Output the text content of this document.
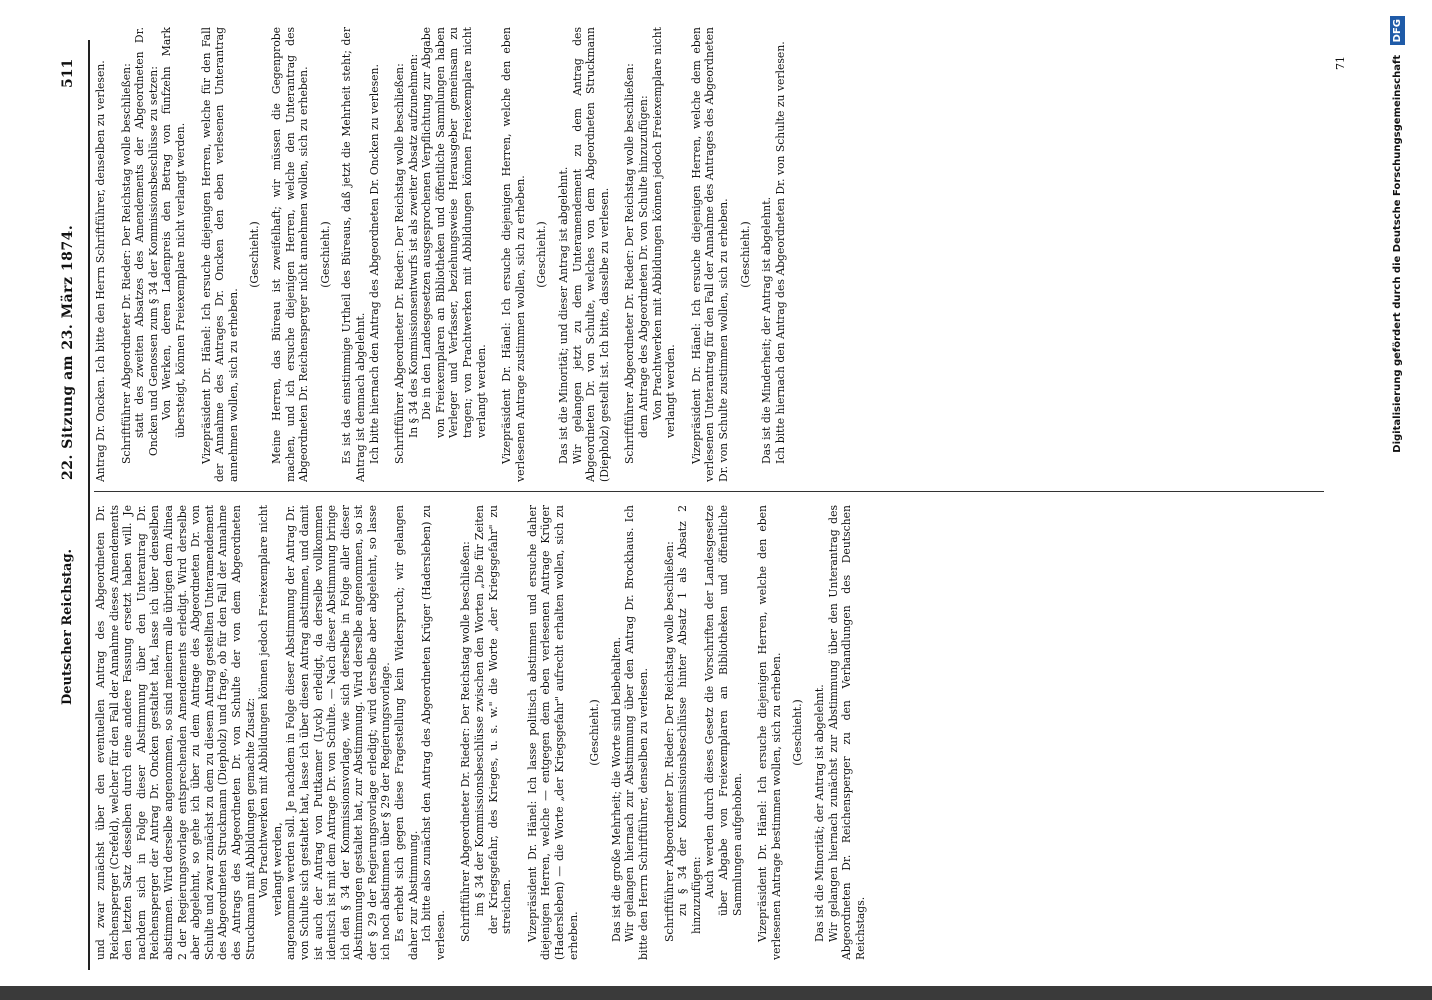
Deutscher Reichstag.
22. Sitzung am 23. März 1874.
511

und zwar zunächst über den eventuellen Antrag des Abgeordneten Dr. Reichensperger (Crefeld), welcher für den Fall der Annahme dieses Amendements den letzten Satz desselben durch eine andere Fassung ersetzt haben will. Je nachdem sich in Folge dieser Abstimmung über den Unterantrag Dr. Reichensperger der Antrag Dr. Oncken gestaltet hat, lasse ich über denselben abstimmen. Wird derselbe angenommen, so sind meinerm alle übrigen dem Alinea 2 der Regierungsvorlage entsprechenden Amendements erledigt. Wird derselbe aber abgelehnt, so gehe ich über zu dem Antrage des Abgeordneten Dr. von Schulte und zwar zunächst zu dem zu diesem Antrag gestellten Unteramendement des Abgeordneten Struckmann (Diepholz) und frage, ob für den Fall der Annahme des Antrags des Abgeordneten Dr. von Schulte der von dem Abgeordneten Struckmann mit Abbildungen gemachte Zusatz: Von Prachtwerken mit Abbildungen können jedoch Freiexemplare nicht verlangt werden, angenommen werden soll. Je nachdem in Folge dieser Abstimmung der Antrag Dr. von Schulte sich gestaltet hat, lasse ich über diesen Antrag abstimmen, und damit ist auch der Antrag von Puttkamer (Lyck) erledigt, da derselbe vollkommen identisch ist mit dem Antrage Dr. von Schulte. — Nach dieser Abstimmung bringe ich den § 34 der Kommissionsvorlage, wie sich derselbe in Folge aller dieser Abstimmungen gestaltet hat, zur Abstimmung. Wird derselbe angenommen, so ist der § 29 der Regierungsvorlage erledigt; wird derselbe aber abgelehnt, so lasse ich noch abstimmen über § 29 der Regierungsvorlage. Es erhebt sich gegen diese Fragestellung kein Widerspruch; wir gelangen daher zur Abstimmung. Ich bitte also zunächst den Antrag des Abgeordneten Krüger (Hadersleben) zu verlesen. Schriftführer Abgeordneter Dr. Rieder: Der Reichstag wolle beschließen: im § 34 der Kommissionsbeschlüsse zwischen den Worten „Die für Zeiten der Kriegsgefahr, des Krieges, u. s. w." die Worte „der Kriegsgefahr" zu streichen. Vizepräsident Dr. Hänel: Ich lasse politisch abstimmen und ersuche daher diejenigen Herren, welche — entgegen dem eben verlesenen Antrage Krüger (Hadersleben) — die Worte „der Kriegsgefahr" aufrecht erhalten wollen, sich zu erheben.

(Geschieht.) Das ist die große Mehrheit; die Worte sind beibehalten. Wir gelangen hiernach zur Abstimmung über den Antrag Dr. Brockhaus. Ich bitte den Herrn Schriftführer, denselben zu verlesen. Schriftführer Abgeordneter Dr. Rieder: Der Reichstag wolle beschließen: zu § 34 der Kommissionsbeschlüsse hinter Absatz 1 als Absatz 2 hinzuzufügen: Auch werden durch dieses Gesetz die Vorschriften der Landesgesetze über Abgabe von Freiexemplaren an Bibliotheken und öffentliche Sammlungen aufgehoben. Vizepräsident Dr. Hänel: Ich ersuche diejenigen Herren, welche den eben verlesenen Antrage bestimmen wollen, sich zu erheben. (Geschieht.) Das ist die Minorität; der Antrag ist abgelehnt. Wir gelangen hiernach zunächst zur Abstimmung über den Unterantrag des Abgeordneten Dr. Reichensperger zu den Verhandlungen des Deutschen Reichstags.

Antrag Dr. Oncken. Ich bitte den Herrn Schriftführer, denselben zu verlesen. Schriftführer Abgeordneter Dr. Rieder: Der Reichstag wolle beschließen: statt des zweiten Absatzes des Amendements der Abgeordneten Dr. Oncken und Genossen zum § 34 der Kommissionsbeschlüsse zu setzen: Von Werken, deren Ladenpreis den Betrag von fünfzehn Mark übersteigt, können Freiexemplare nicht verlangt werden. Vizepräsident Dr. Hänel: Ich ersuche diejenigen Herren, welche für den Fall der Annahme des Antrages Dr. Oncken den eben verlesenen Unterantrag annehmen wollen, sich zu erheben.

(Geschieht.) Meine Herren, das Büreau ist zweifelhaft; wir müssen die Gegenprobe machen, und ich ersuche diejenigen Herren, welche den Unterantrag des Abgeordneten Dr. Reichensperger nicht annehmen wollen, sich zu erheben. (Geschieht.) Es ist das einstimmige Urtheil des Büreaus, daß jetzt die Mehrheit steht; der Antrag ist demnach abgelehnt. Ich bitte hiernach den Antrag des Abgeordneten Dr. Oncken zu verlesen. Schriftführer Abgeordneter Dr. Rieder: Der Reichstag wolle beschließen: In § 34 des Kommissionsentwurfs ist als zweiter Absatz aufzunehmen: Die in den Landesgesetzen ausgesprochenen Verpflichtung zur Abgabe von Freiexemplaren an Bibliotheken und öffentliche Sammlungen haben Verleger und Verfasser, beziehungsweise Herausgeber gemeinsam zu tragen; von Prachtwerken mit Abbildungen können Freiexemplare nicht verlangt werden. Vizepräsident Dr. Hänel: Ich ersuche diejenigen Herren, welche den eben verlesenen Antrage zustimmen wollen, sich zu erheben. (Geschieht.) Das ist die Minorität; und dieser Antrag ist abgelehnt. Wir gelangen jetzt zu dem Unteramendement zu dem Antrag des Abgeordneten Dr. von Schulte, welches von dem Abgeordneten Struckmann (Diepholz) gestellt ist. Ich bitte, dasselbe zu verlesen. Schriftführer Abgeordneter Dr. Rieder: Der Reichstag wolle beschließen: dem Antrage des Abgeordneten Dr. von Schulte hinzuzufügen: Von Prachtwerken mit Abbildungen können jedoch Freiexemplare nicht verlangt werden. Vizepräsident Dr. Hänel: Ich ersuche diejenigen Herren, welche dem eben verlesenen Unterantrag für den Fall der Annahme des Antrages des Abgeordneten Dr. von Schulte zustimmen wollen, sich zu erheben. (Geschieht.) Das ist die Minderheit; der Antrag ist abgelehnt. Ich bitte hiernach den Antrag des Abgeordneten Dr. von Schulte zu verlesen.	71	Digitalisierung gefördert durch die Deutsche Forschungsgemeinschaft DFG
